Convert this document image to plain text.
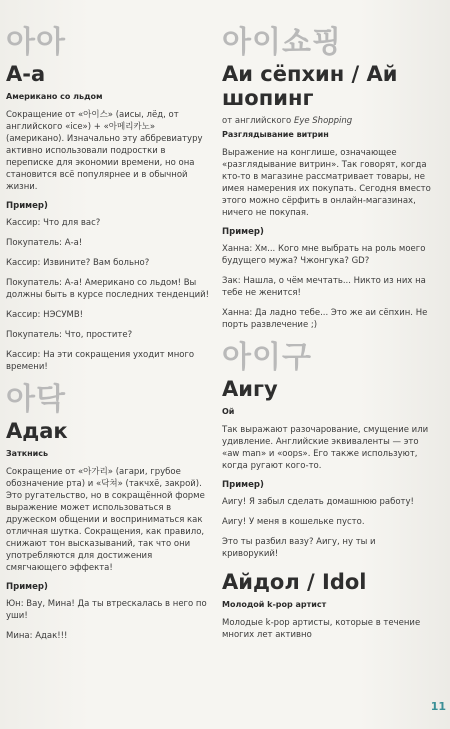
아아
А-а
Американо со льдом

Сокращение от «아이스» (аисы, лёд, от английского «ice») + «아메리카노» (американо). Изначально эту аббревиатуру активно использовали подростки в переписке для экономии времени, но она становится всё популярнее и в обычной жизни.

Пример)

Кассир: Что для вас?

Покупатель: А-а!

Кассир: Извините? Вам больно?

Покупатель: А-а! Американо со льдом! Вы должны быть в курсе последних тенденций!

Кассир: НЭСУМВ!

Покупатель: Что, простите?

Кассир: На эти сокращения уходит много времени!

아닥
Адак
Заткнись

Сокращение от «아가리» (агари, грубое обозначение рта) и «닥쳐» (такчхё, закрой). Это ругательство, но в сокращённой форме выражение может использоваться в дружеском общении и восприниматься как отличная шутка. Сокращения, как правило, снижают тон высказываний, так что они употребляются для достижения смягчающего эффекта!

Пример)

Юн: Вау, Мина! Да ты втрескалась в него по уши!

Мина: Адак!!!

아이쇼핑
Аи сёпхин / Ай шопинг

от английского Eye Shopping

Разглядывание витрин

Выражение на конглише, означающее «разглядывание витрин». Так говорят, когда кто-то в магазине рассматривает товары, не имея намерения их покупать. Сегодня вместо этого можно сёрфить в онлайн-магазинах, ничего не покупая.

Пример)

Ханна: Хм... Кого мне выбрать на роль моего будущего мужа? Чжонгука? GD?

Зак: Нашла, о чём мечтать... Никто из них на тебе не женится!

Ханна: Да ладно тебе... Это же аи сёпхин. Не порть развлечение ;)

아이구
Аигу
Ой

Так выражают разочарование, смущение или удивление. Английские эквиваленты — это «aw man» и «oops». Его также используют, когда ругают кого-то.

Пример)

Аигу! Я забыл сделать домашнюю работу!

Аигу! У меня в кошельке пусто.

Это ты разбил вазу? Аигу, ну ты и криворукий!

Айдол / Idol
Молодой k-pop артист

Молодые k-pop артисты, которые в течение многих лет активно

11
